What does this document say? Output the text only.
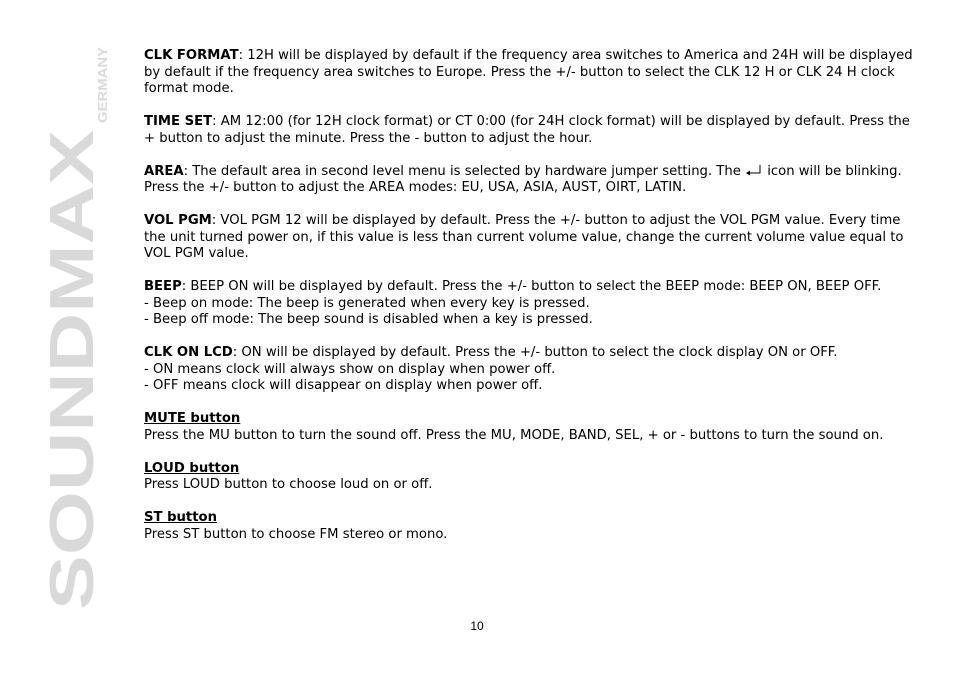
SOUNDMAX
GERMANY

CLK FORMAT: 12H will be displayed by default if the frequency area switches to America and 24H will be displayed by default if the frequency area switches to Europe. Press the +/- button to select the CLK 12 H or CLK 24 H clock format mode.

TIME SET: AM 12:00 (for 12H clock format) or CT 0:00 (for 24H clock format) will be displayed by default. Press the + button to adjust the minute. Press the - button to adjust the hour.

AREA: The default area in second level menu is selected by hardware jumper setting. The  icon will be blinking. Press the +/- button to adjust the AREA modes: EU, USA, ASIA, AUST, OIRT, LATIN.

VOL PGM: VOL PGM 12 will be displayed by default. Press the +/- button to adjust the VOL PGM value. Every time the unit turned power on, if this value is less than current volume value, change the current volume value equal to VOL PGM value.

BEEP: BEEP ON will be displayed by default. Press the +/- button to select the BEEP mode: BEEP ON, BEEP OFF.

- Beep on mode: The beep is generated when every key is pressed.

- Beep off mode: The beep sound is disabled when a key is pressed.

CLK ON LCD: ON will be displayed by default. Press the +/- button to select the clock display ON or OFF.

- ON means clock will always show on display when power off.

- OFF means clock will disappear on display when power off.

MUTE button

Press the MU button to turn the sound off. Press the MU, MODE, BAND, SEL, + or - buttons to turn the sound on.

LOUD button

Press LOUD button to choose loud on or off.

ST button

Press ST button to choose FM stereo or mono.

10
